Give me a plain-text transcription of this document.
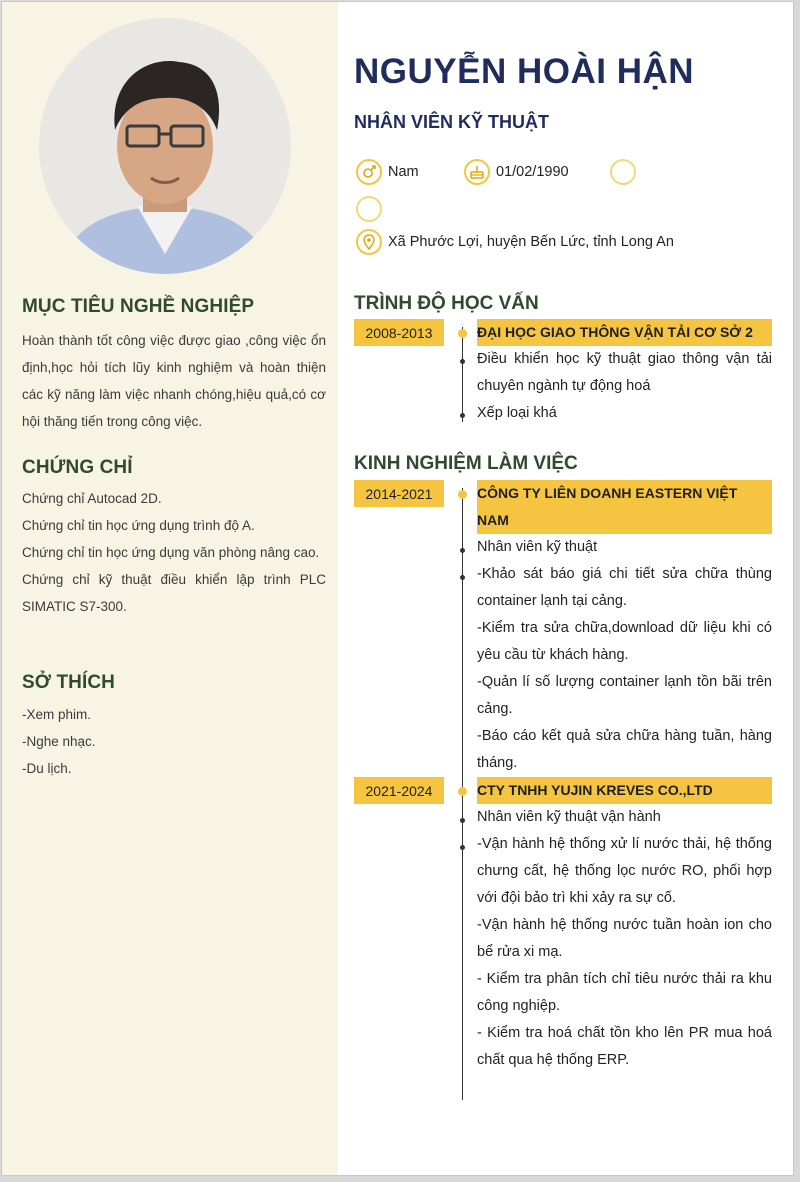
MỤC TIÊU NGHỀ NGHIỆP
Hoàn thành tốt công việc được giao ,công việc ổn định,học hỏi tích lũy kinh nghiệm và hoàn thiện các kỹ năng làm việc nhanh chóng,hiệu quả,có cơ hội thăng tiến trong công việc.
CHỨNG CHỈ
Chứng chỉ Autocad 2D.
Chứng chỉ tin học ứng dụng trình độ A.
Chứng chỉ tin học ứng dụng văn phòng nâng cao.
Chứng chỉ kỹ thuật điều khiển lập trình PLC SIMATIC S7-300.
SỞ THÍCH
-Xem phim.
-Nghe nhạc.
-Du lịch.
NGUYỄN HOÀI HẬN
NHÂN VIÊN KỸ THUẬT
Nam	01/02/1990
Xã Phước Lợi, huyện Bến Lức, tỉnh Long An
TRÌNH ĐỘ HỌC VẤN
2008-2013	ĐẠI HỌC GIAO THÔNG VẬN TẢI CƠ SỞ 2
Điều khiển học kỹ thuật giao thông vận tải chuyên ngành tự động hoá
Xếp loại khá
KINH NGHIỆM LÀM VIỆC
2014-2021	CÔNG TY LIÊN DOANH EASTERN VIỆT NAM
Nhân viên kỹ thuật
-Khảo sát báo giá chi tiết sửa chữa thùng container lạnh tại cảng.
-Kiểm tra sửa chữa,download dữ liệu khi có yêu cầu từ khách hàng.
-Quản lí số lượng container lạnh tồn bãi trên cảng.
-Báo cáo kết quả sửa chữa hàng tuần, hàng tháng.
2021-2024	CTY TNHH YUJIN KREVES CO.,LTD
Nhân viên kỹ thuật vận hành
-Vận hành hệ thống xử lí nước thải, hệ thống chưng cất, hệ thống lọc nước RO, phối hợp với đội bảo trì khi xảy ra sự cố.
-Vận hành hệ thống nước tuần hoàn ion cho bể rửa xi mạ.
- Kiểm tra phân tích chỉ tiêu nước thải ra khu công nghiệp.
- Kiểm tra hoá chất tồn kho lên PR mua hoá chất qua hệ thống ERP.
